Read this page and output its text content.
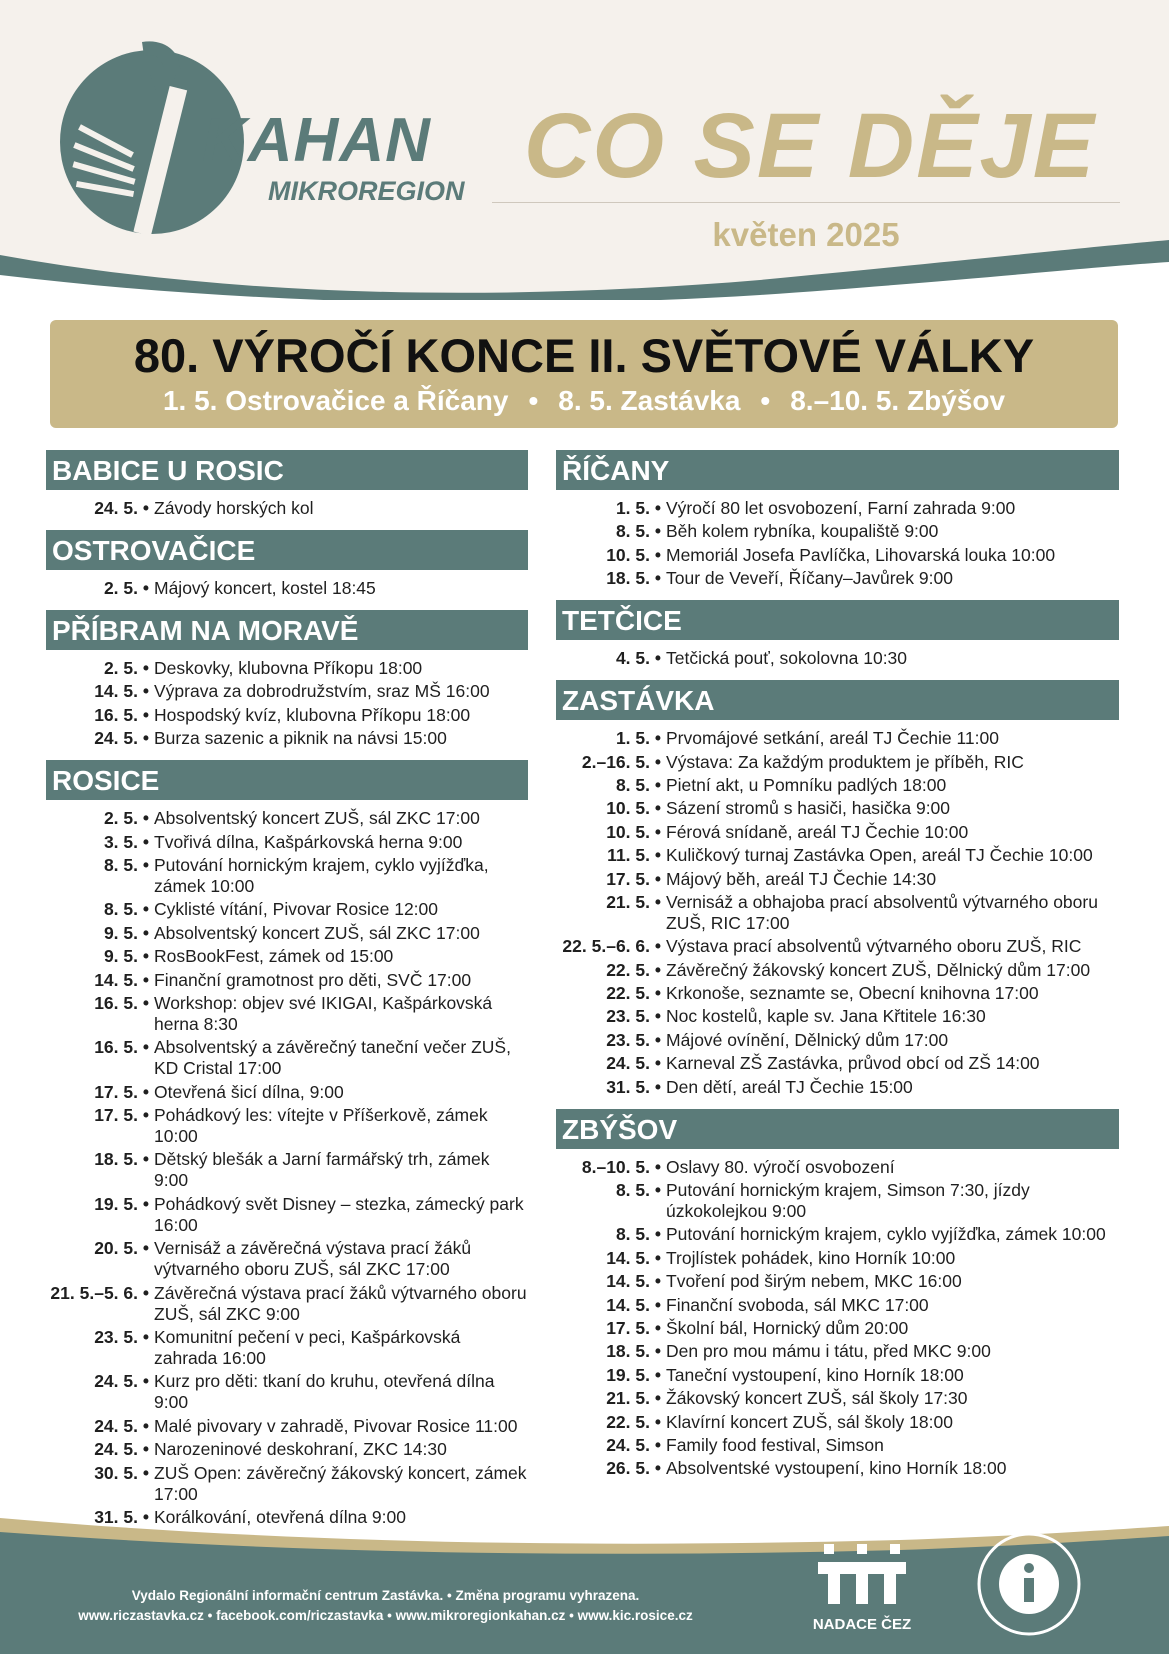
KAHAN
MIKROREGION CO SE DĚJE
květen 2025
80. VÝROČÍ KONCE II. SVĚTOVÉ VÁLKY
1. 5. Ostrovačice a Říčany • 8. 5. Zastávka • 8.–10. 5. Zbýšov
BABICE U ROSIC
24. 5. • Závody horských kol
OSTROVAČICE
2. 5. • Májový koncert, kostel 18:45
PŘÍBRAM NA MORAVĚ
2. 5. • Deskovky, klubovna Příkopu 18:00
14. 5. • Výprava za dobrodružstvím, sraz MŠ 16:00
16. 5. • Hospodský kvíz, klubovna Příkopu 18:00
24. 5. • Burza sazenic a piknik na návsi 15:00
ROSICE
2. 5. • Absolventský koncert ZUŠ, sál ZKC 17:00
3. 5. • Tvořivá dílna, Kašpárkovská herna 9:00
8. 5. • Putování hornickým krajem, cyklo vyjížďka, zámek 10:00
8. 5. • Cyklisté vítání, Pivovar Rosice 12:00
9. 5. • Absolventský koncert ZUŠ, sál ZKC 17:00
9. 5. • RosBookFest, zámek od 15:00
14. 5. • Finanční gramotnost pro děti, SVČ 17:00
16. 5. • Workshop: objev své IKIGAI, Kašpárkovská herna 8:30
16. 5. • Absolventský a závěrečný taneční večer ZUŠ, KD Cristal 17:00
17. 5. • Otevřená šicí dílna, 9:00
17. 5. • Pohádkový les: vítejte v Příšerkově, zámek 10:00
18. 5. • Dětský blešák a Jarní farmářský trh, zámek 9:00
19. 5. • Pohádkový svět Disney – stezka, zámecký park 16:00
20. 5. • Vernisáž a závěrečná výstava prací žáků výtvarného oboru ZUŠ, sál ZKC 17:00
21. 5.–5. 6. • Závěrečná výstava prací žáků výtvarného oboru ZUŠ, sál ZKC 9:00
23. 5. • Komunitní pečení v peci, Kašpárkovská zahrada 16:00
24. 5. • Kurz pro děti: tkaní do kruhu, otevřená dílna 9:00
24. 5. • Malé pivovary v zahradě, Pivovar Rosice 11:00
24. 5. • Narozeninové deskohraní, ZKC 14:30
30. 5. • ZUŠ Open: závěrečný žákovský koncert, zámek 17:00
31. 5. • Korálkování, otevřená dílna 9:00
ŘÍČANY
1. 5. • Výročí 80 let osvobození, Farní zahrada 9:00
8. 5. • Běh kolem rybníka, koupaliště 9:00
10. 5. • Memoriál Josefa Pavlíčka, Lihovarská louka 10:00
18. 5. • Tour de Veveří, Říčany–Javůrek 9:00
TETČICE
4. 5. • Tetčická pouť, sokolovna 10:30
ZASTÁVKA
1. 5. • Prvomájové setkání, areál TJ Čechie 11:00
2.–16. 5. • Výstava: Za každým produktem je příběh, RIC
8. 5. • Pietní akt, u Pomníku padlých 18:00
10. 5. • Sázení stromů s hasiči, hasička 9:00
10. 5. • Férová snídaně, areál TJ Čechie 10:00
11. 5. • Kuličkový turnaj Zastávka Open, areál TJ Čechie 10:00
17. 5. • Májový běh, areál TJ Čechie 14:30
21. 5. • Vernisáž a obhajoba prací absolventů výtvarného oboru ZUŠ, RIC 17:00
22. 5.–6. 6. • Výstava prací absolventů výtvarného oboru ZUŠ, RIC
22. 5. • Závěrečný žákovský koncert ZUŠ, Dělnický dům 17:00
22. 5. • Krkonoše, seznamte se, Obecní knihovna 17:00
23. 5. • Noc kostelů, kaple sv. Jana Křtitele 16:30
23. 5. • Májové ovínění, Dělnický dům 17:00
24. 5. • Karneval ZŠ Zastávka, průvod obcí od ZŠ 14:00
31. 5. • Den dětí, areál TJ Čechie 15:00
ZBÝŠOV
8.–10. 5. • Oslavy 80. výročí osvobození
8. 5. • Putování hornickým krajem, Simson 7:30, jízdy úzkokolejkou 9:00
8. 5. • Putování hornickým krajem, cyklo vyjížďka, zámek 10:00
14. 5. • Trojlístek pohádek, kino Horník 10:00
14. 5. • Tvoření pod širým nebem, MKC 16:00
14. 5. • Finanční svoboda, sál MKC 17:00
17. 5. • Školní bál, Hornický dům 20:00
18. 5. • Den pro mou mámu i tátu, před MKC 9:00
19. 5. • Taneční vystoupení, kino Horník 18:00
21. 5. • Žákovský koncert ZUŠ, sál školy 17:30
22. 5. • Klavírní koncert ZUŠ, sál školy 18:00
24. 5. • Family food festival, Simson
26. 5. • Absolventské vystoupení, kino Horník 18:00
Vydalo Regionální informační centrum Zastávka. • Změna programu vyhrazena.
www.riczastavka.cz • facebook.com/riczastavka • www.mikroregionkahan.cz • www.kic.rosice.cz
NADACE ČEZ
